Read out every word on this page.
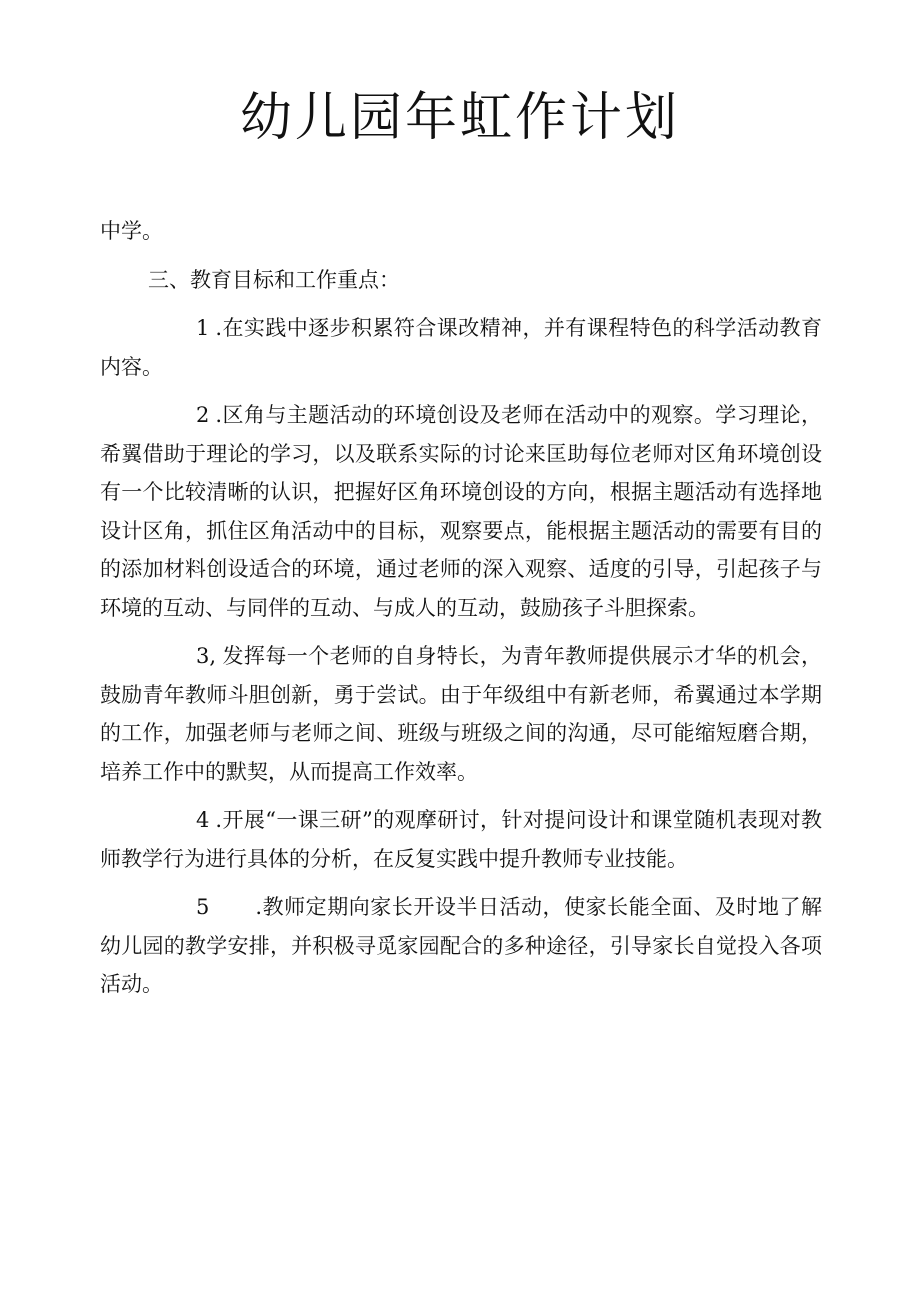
幼儿园年虹作计划

中学。

三、教育目标和工作重点：

1 .在实践中逐步积累符合课改精神，并有课程特色的科学活动教育内容。

2 .区角与主题活动的环境创设及老师在活动中的观察。学习理论，希翼借助于理论的学习，以及联系实际的讨论来匡助每位老师对区角环境创设有一个比较清晰的认识，把握好区角环境创设的方向，根据主题活动有选择地设计区角，抓住区角活动中的目标，观察要点，能根据主题活动的需要有目的的添加材料创设适合的环境，通过老师的深入观察、适度的引导，引起孩子与环境的互动、与同伴的互动、与成人的互动，鼓励孩子斗胆探索。

3, 发挥每一个老师的自身特长，为青年教师提供展示才华的机会，鼓励青年教师斗胆创新，勇于尝试。由于年级组中有新老师，希翼通过本学期的工作，加强老师与老师之间、班级与班级之间的沟通，尽可能缩短磨合期，培养工作中的默契，从而提高工作效率。

4 .开展“一课三研”的观摩研讨，针对提问设计和课堂随机表现对教师教学行为进行具体的分析，在反复实践中提升教师专业技能。

5 .教师定期向家长开设半日活动，使家长能全面、及时地了解幼儿园的教学安排，并积极寻觅家园配合的多种途径，引导家长自觉投入各项活动。
